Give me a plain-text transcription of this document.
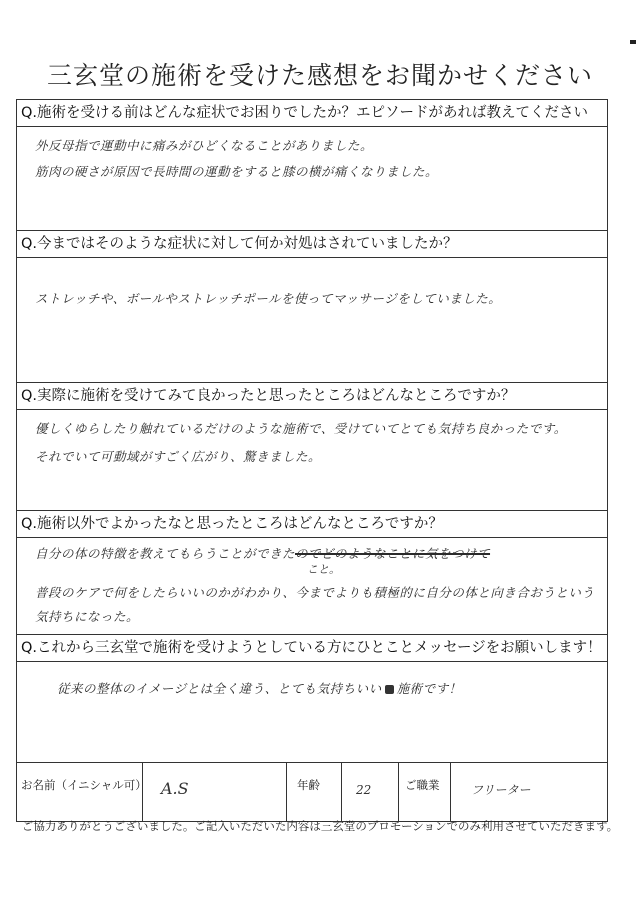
三玄堂の施術を受けた感想をお聞かせください
Q.施術を受ける前はどんな症状でお困りでしたか？エピソードがあれば教えてください
外反母指で運動中に痛みがひどくなることがありました。
筋肉の硬さが原因で長時間の運動をすると膝の横が痛くなりました。
Q.今まではそのような症状に対して何か対処はされていましたか？
ストレッチや、ボールやストレッチポールを使ってマッサージをしていました。
Q.実際に施術を受けてみて良かったと思ったところはどんなところですか？
優しくゆらしたり触れているだけのような施術で、受けていてとても気持ち良かったです。
それでいて可動域がすごく広がり、驚きました。
Q.施術以外でよかったなと思ったところはどんなところですか？
自分の体の特徴を教えてもらうことができたのでどのようなことに気をつけて
こと。
普段のケアで何をしたらいいのかがわかり、今までよりも積極的に自分の体と向き合おうという
気持ちになった。
Q.これから三玄堂で施術を受けようとしている方にひとことメッセージをお願いします！
従来の整体のイメージとは全く違う、とても気持ちいい 施術です！
お名前（イニシャル可） A.S	年齢	22	ご職業	フリーター
ご協力ありがとうございました。ご記入いただいた内容は三玄堂のプロモーションでのみ利用させていただきます。
